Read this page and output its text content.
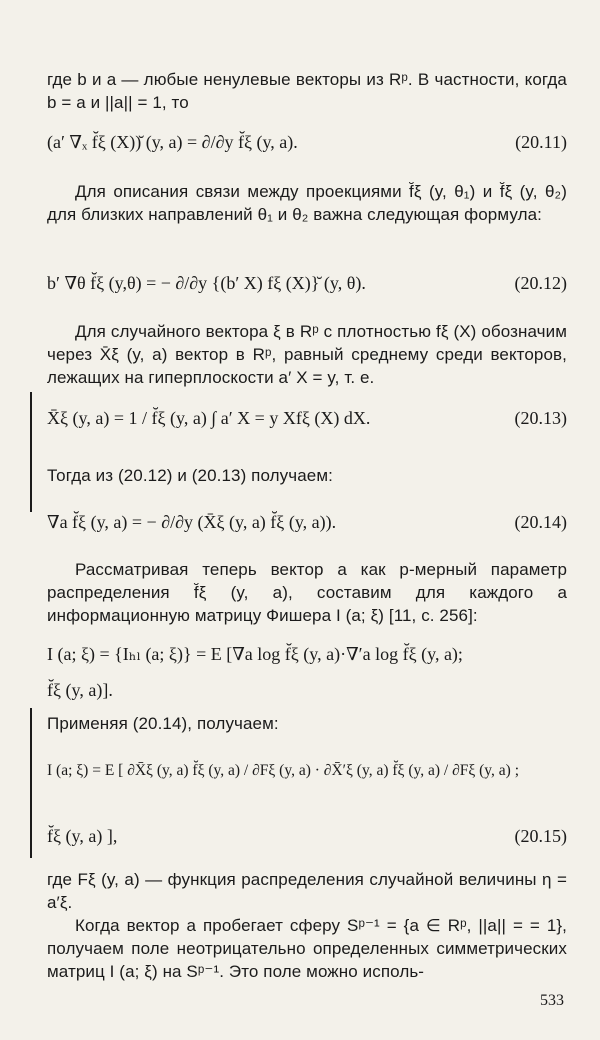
где b и a — любые ненулевые векторы из Rᵖ. В частности, когда b = a и ||a|| = 1, то
(a′ ∇ₓ f̆ξ (X))̆ (y, a) = ∂/∂y f̆ξ (y, a).	(20.11)
Для описания связи между проекциями f̆ξ (y, θ₁) и f̆ξ (y, θ₂) для близких направлений θ₁ и θ₂ важна следующая формула:
b′ ∇θ f̆ξ (y,θ) = − ∂/∂y {(b′ X) fξ (X)}̆ (y, θ).	(20.12)
Для случайного вектора ξ в Rᵖ с плотностью fξ (X) обозначим через X̄ξ (y, a) вектор в Rᵖ, равный среднему среди векторов, лежащих на гиперплоскости a′ X = y, т. е.
X̄ξ (y, a) = 1 / f̆ξ (y, a) ∫ a′ X = y Xfξ (X) dX.	(20.13)
Тогда из (20.12) и (20.13) получаем:
∇a f̆ξ (y, a) = − ∂/∂y (X̄ξ (y, a) f̆ξ (y, a)).	(20.14)
Рассматривая теперь вектор a как p-мерный параметр распределения f̆ξ (y, a), составим для каждого a информационную матрицу Фишера I (a; ξ) [11, с. 256]:
I (a; ξ) = {Iₕₗ (a; ξ)} = E [∇a log f̆ξ (y, a)·∇′a log f̆ξ (y, a);
f̆ξ (y, a)].
Применяя (20.14), получаем:
I (a; ξ) = E [ ∂X̄ξ (y, a) f̆ξ (y, a) / ∂Fξ (y, a) · ∂X̄′ξ (y, a) f̆ξ (y, a) / ∂Fξ (y, a) ;
f̆ξ (y, a) ],	(20.15)
где Fξ (y, a) — функция распределения случайной величины η = a′ξ.
Когда вектор a пробегает сферу Sᵖ⁻¹ = {a ∈ Rᵖ, ||a|| = = 1}, получаем поле неотрицательно определенных симметрических матриц I (a; ξ) на Sᵖ⁻¹. Это поле можно исполь-
533
